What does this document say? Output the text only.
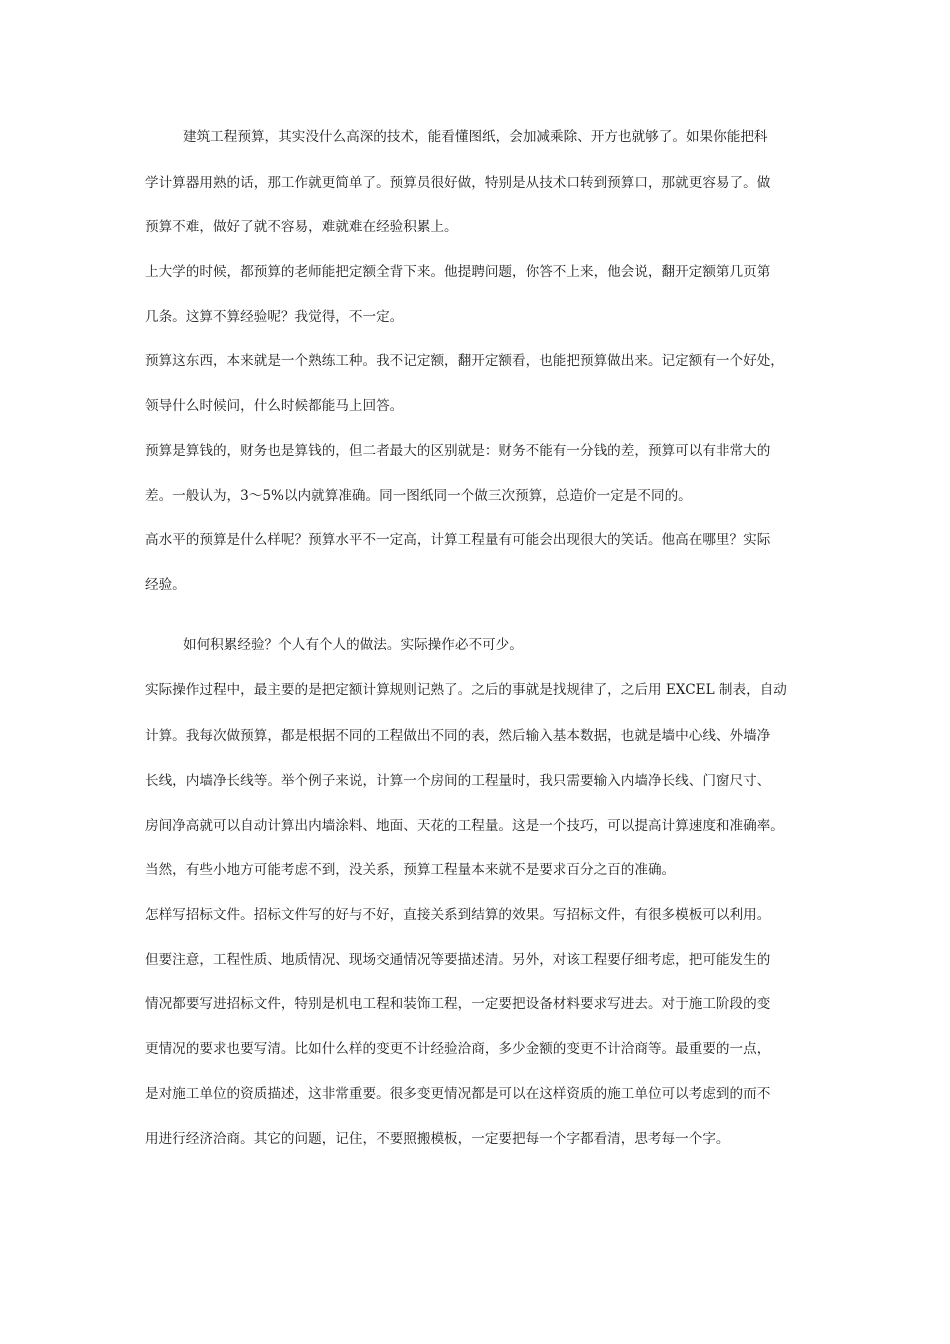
建筑工程预算，其实没什么高深的技术，能看懂图纸，会加减乘除、开方也就够了。如果你能把科
学计算器用熟的话，那工作就更简单了。预算员很好做，特别是从技术口转到预算口，那就更容易了。做
预算不难，做好了就不容易，难就难在经验积累上。
上大学的时候，都预算的老师能把定额全背下来。他提聘问题，你答不上来，他会说，翻开定额第几页第
几条。这算不算经验呢？我觉得，不一定。
预算这东西，本来就是一个熟练工种。我不记定额，翻开定额看，也能把预算做出来。记定额有一个好处，
领导什么时候问，什么时候都能马上回答。
预算是算钱的，财务也是算钱的，但二者最大的区别就是：财务不能有一分钱的差，预算可以有非常大的
差。一般认为，3～5%以内就算准确。同一图纸同一个做三次预算，总造价一定是不同的。
高水平的预算是什么样呢？预算水平不一定高，计算工程量有可能会出现很大的笑话。他高在哪里？实际
经验。
如何积累经验？个人有个人的做法。实际操作必不可少。
实际操作过程中，最主要的是把定额计算规则记熟了。之后的事就是找规律了，之后用 EXCEL 制表，自动
计算。我每次做预算，都是根据不同的工程做出不同的表，然后输入基本数据，也就是墙中心线、外墙净
长线，内墙净长线等。举个例子来说，计算一个房间的工程量时，我只需要输入内墙净长线、门窗尺寸、
房间净高就可以自动计算出内墙涂料、地面、天花的工程量。这是一个技巧，可以提高计算速度和准确率。
当然，有些小地方可能考虑不到，没关系，预算工程量本来就不是要求百分之百的准确。
怎样写招标文件。招标文件写的好与不好，直接关系到结算的效果。写招标文件，有很多模板可以利用。
但要注意，工程性质、地质情况、现场交通情况等要描述清。另外，对该工程要仔细考虑，把可能发生的
情况都要写进招标文件，特别是机电工程和装饰工程，一定要把设备材料要求写进去。对于施工阶段的变
更情况的要求也要写清。比如什么样的变更不计经验洽商，多少金额的变更不计洽商等。最重要的一点，
是对施工单位的资质描述，这非常重要。很多变更情况都是可以在这样资质的施工单位可以考虑到的而不
用进行经济洽商。其它的问题，记住，不要照搬模板，一定要把每一个字都看清，思考每一个字。
